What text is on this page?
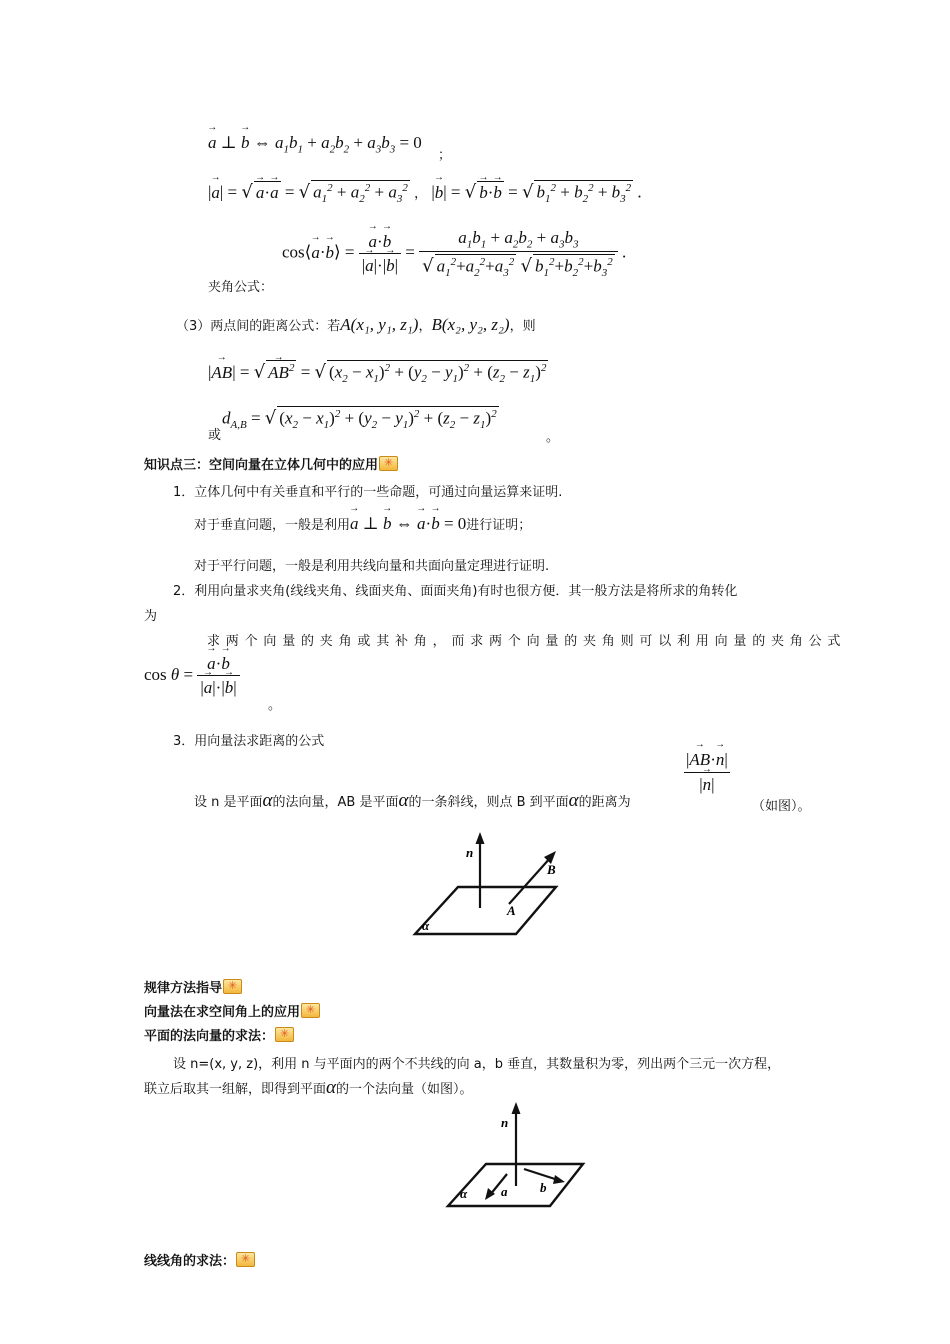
→ a ⊥ → b ⇔ $a_1b_1 + a_2b_2 + a_3b_3 = 0$
；
|→ a| = √ → a·→ a = √ $a_1^2 + a_2^2 + a_3^2$ ， |→ b| = √ → b·→ b = √ $b_1^2 + b_2^2 + b_3^2$ .
夹角公式：
cos⟨→ a·→ b⟩ = → $\frac{a\cdot\to b}{|\to a|\cdot|\to b|} = \frac{a_1b_1 + a_2b_2 + a_3b_3}{√ a_1^2+a_2^2+a_3^2 √ b_1^2+b_2^2+b_3^2}$ .
（3）两点间的距离公式：若A(x₁, y₁, z₁)，B(x₂, y₂, z₂)，则
|→ AB| = √ → $AB^2$ = √ $(x_2 - x_1)^2 + (y_2 - y_1)^2 + (z_2 - z_1)^2$
或
$d_{A,B}$ = √ $(x_2 - x_1)^2 + (y_2 - y_1)^2 + (z_2 - z_1)^2$
。
知识点三：空间向量在立体几何中的应用✳
1．立体几何中有关垂直和平行的一些命题，可通过向量运算来证明.
对于垂直问题，一般是利用→ a ⊥ → b ⇔ → a·→ b = 0进行证明；
对于平行问题，一般是利用共线向量和共面向量定理进行证明.
2．利用向量求夹角(线线夹角、线面夹角、面面夹角)有时也很方便．其一般方法是将所求的角转化
为
求两个向量的夹角或其补角，而求两个向量的夹角则可以利用向量的夹角公式
cos θ = → $\frac{a\cdot\to b}{|\to a|\cdot|\to b|}$
。
3．用向量法求距离的公式
设 n 是平面α的法向量，AB 是平面α的一条斜线，则点 B 到平面α的距离为
$\frac{|\to AB\cdot\to n|}{|\to n|}$
（如图）。
n
B
A
α
规律方法指导✳
向量法在求空间角上的应用✳
平面的法向量的求法：✳
设 n=(x, y, z)，利用 n 与平面内的两个不共线的向 a，b 垂直，其数量积为零，列出两个三元一次方程，
联立后取其一组解，即得到平面α的一个法向量（如图）。
n
a	b
α
线线角的求法：✳
